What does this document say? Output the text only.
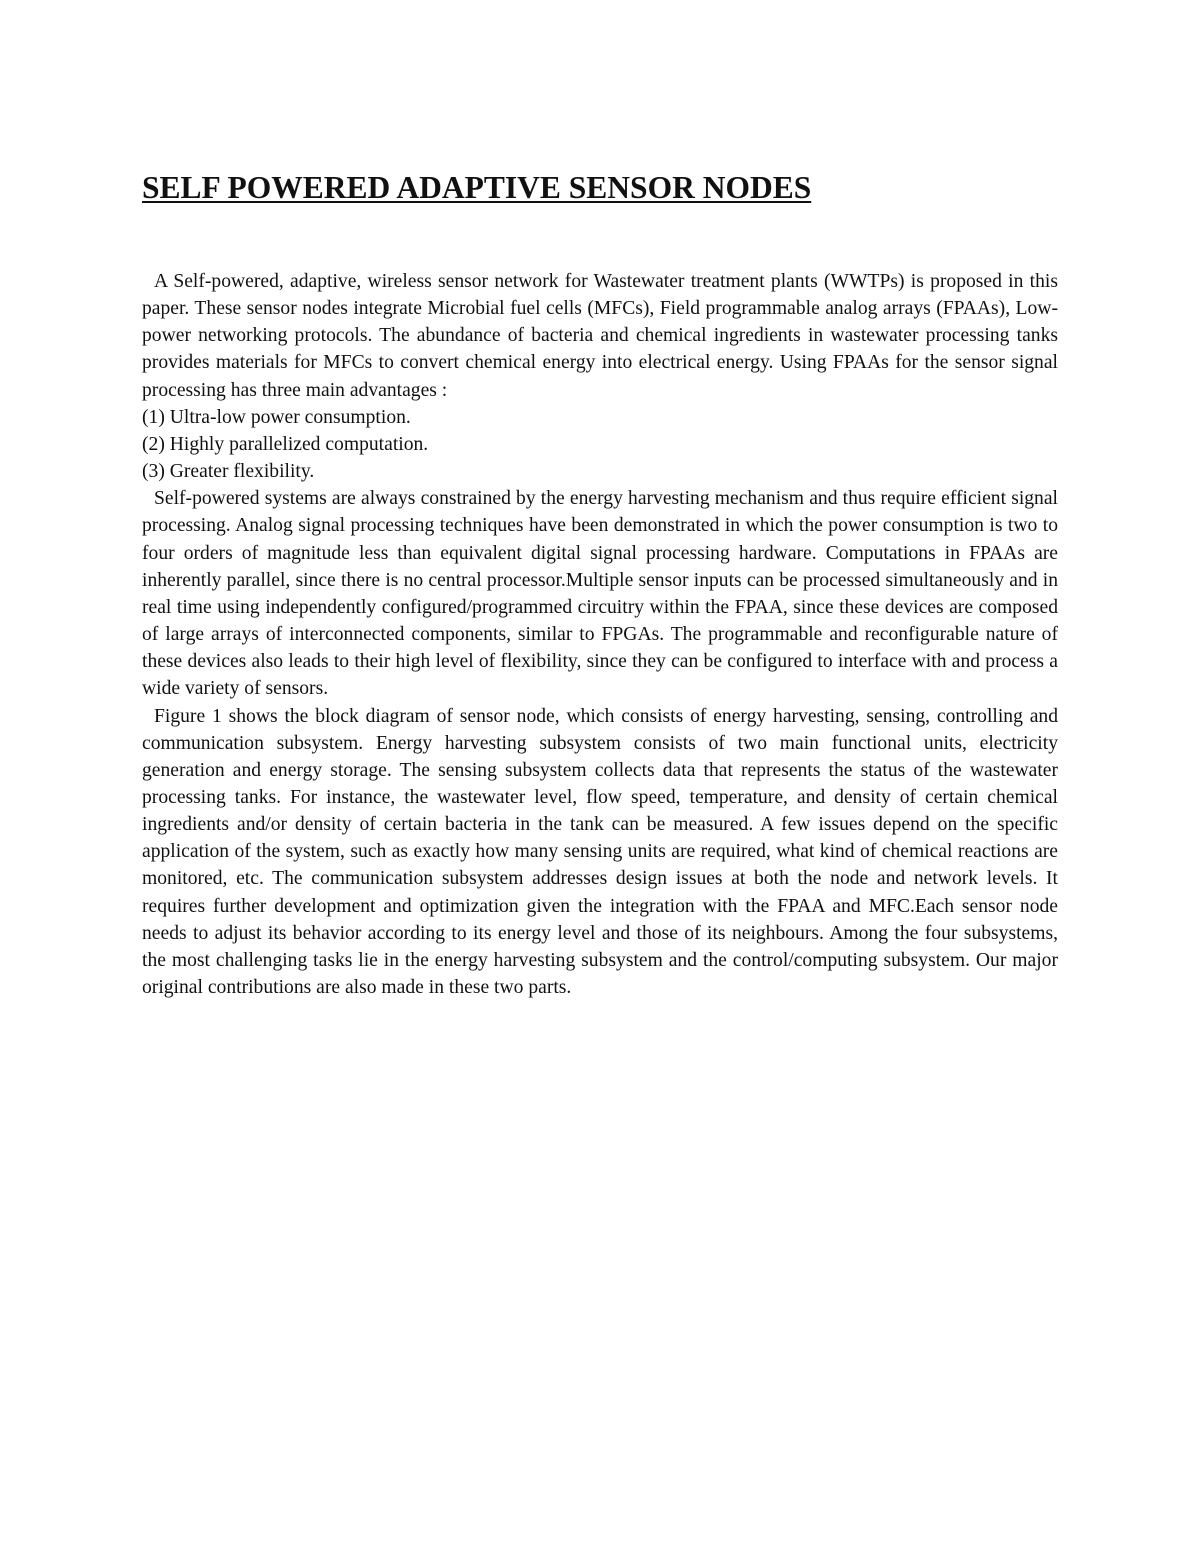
SELF POWERED ADAPTIVE SENSOR NODES

A Self-powered, adaptive, wireless sensor network for Wastewater treatment plants (WWTPs) is proposed in this paper. These sensor nodes integrate Microbial fuel cells (MFCs), Field programmable analog arrays (FPAAs), Low-power networking protocols. The abundance of bacteria and chemical ingredients in wastewater processing tanks provides materials for MFCs to convert chemical energy into electrical energy. Using FPAAs for the sensor signal processing has three main advantages :

(1) Ultra-low power consumption.

(2) Highly parallelized computation.

(3) Greater flexibility.

Self-powered systems are always constrained by the energy harvesting mechanism and thus require efficient signal processing. Analog signal processing techniques have been demonstrated in which the power consumption is two to four orders of magnitude less than equivalent digital signal processing hardware. Computations in FPAAs are inherently parallel, since there is no central processor.Multiple sensor inputs can be processed simultaneously and in real time using independently configured/programmed circuitry within the FPAA, since these devices are composed of large arrays of interconnected components, similar to FPGAs. The programmable and reconfigurable nature of these devices also leads to their high level of flexibility, since they can be configured to interface with and process a wide variety of sensors.

Figure 1 shows the block diagram of sensor node, which consists of energy harvesting, sensing, controlling and communication subsystem. Energy harvesting subsystem consists of two main functional units, electricity generation and energy storage. The sensing subsystem collects data that represents the status of the wastewater processing tanks. For instance, the wastewater level, flow speed, temperature, and density of certain chemical ingredients and/or density of certain bacteria in the tank can be measured. A few issues depend on the specific application of the system, such as exactly how many sensing units are required, what kind of chemical reactions are monitored, etc. The communication subsystem addresses design issues at both the node and network levels. It requires further development and optimization given the integration with the FPAA and MFC.Each sensor node needs to adjust its behavior according to its energy level and those of its neighbours. Among the four subsystems, the most challenging tasks lie in the energy harvesting subsystem and the control/computing subsystem. Our major original contributions are also made in these two parts.
